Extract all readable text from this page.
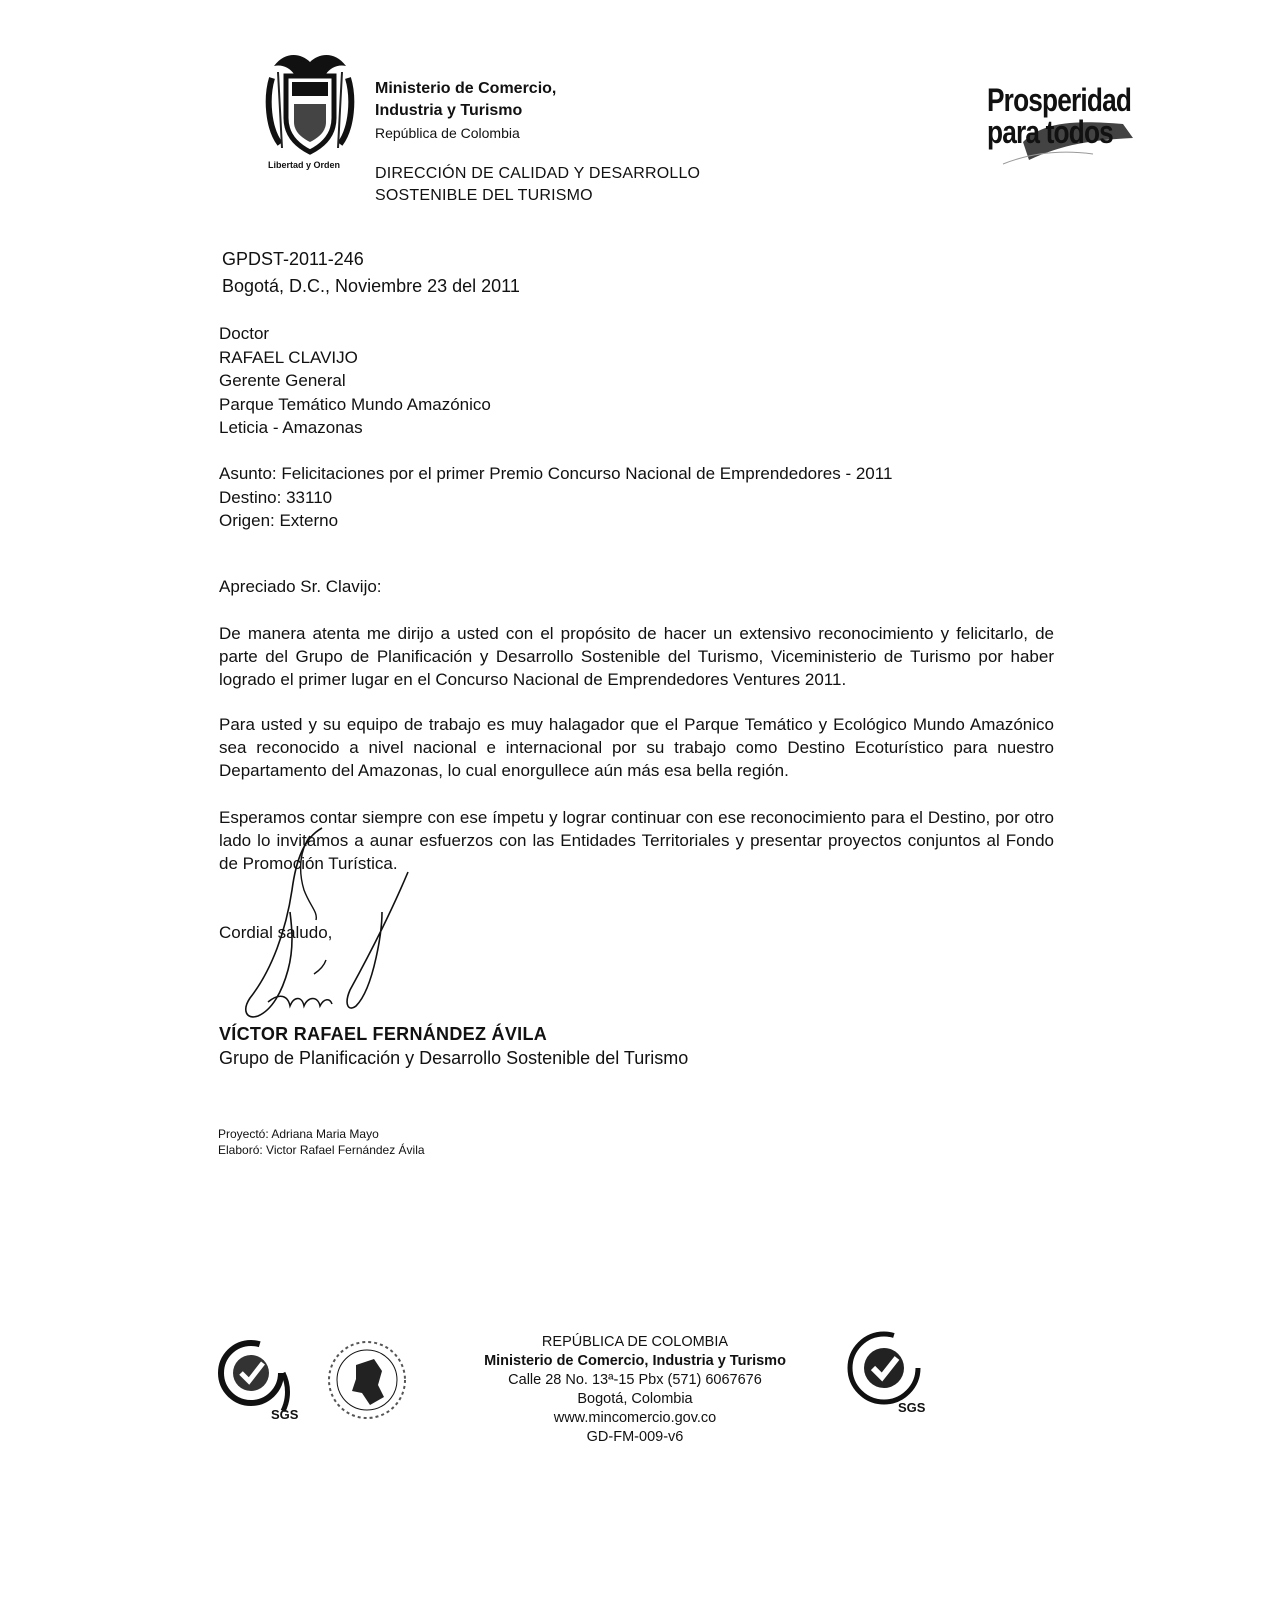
Libertad y Orden
Ministerio de Comercio,
Industria y Turismo
República de Colombia
DIRECCIÓN DE CALIDAD Y DESARROLLO
SOSTENIBLE DEL TURISMO
Prosperidad
para todos
GPDST-2011-246
Bogotá, D.C., Noviembre 23 del 2011
Doctor
RAFAEL CLAVIJO
Gerente General
Parque Temático Mundo Amazónico
Leticia - Amazonas
Asunto: Felicitaciones por el primer Premio Concurso Nacional de Emprendedores - 2011
Destino: 33110
Origen: Externo
Apreciado Sr. Clavijo:
De manera atenta me dirijo a usted con el propósito de hacer un extensivo reconocimiento y felicitarlo, de parte del Grupo de Planificación y Desarrollo Sostenible del Turismo, Viceministerio de Turismo por haber logrado el primer lugar en el Concurso Nacional de Emprendedores Ventures 2011.
Para usted y su equipo de trabajo es muy halagador que el Parque Temático y Ecológico Mundo Amazónico sea reconocido a nivel nacional e internacional por su trabajo como Destino Ecoturístico para nuestro Departamento del Amazonas, lo cual enorgullece aún más esa bella región.
Esperamos contar siempre con ese ímpetu y lograr continuar con ese reconocimiento para el Destino, por otro lado lo invitamos a aunar esfuerzos con las Entidades Territoriales y presentar proyectos conjuntos al Fondo de Promoción Turística.
Cordial saludo,
VÍCTOR RAFAEL FERNÁNDEZ ÁVILA
Grupo de Planificación y Desarrollo Sostenible del Turismo
Proyectó: Adriana Maria Mayo
Elaboró: Victor Rafael Fernández Ávila
SGS	SGS
REPÚBLICA DE COLOMBIA
Ministerio de Comercio, Industria y Turismo
Calle 28 No. 13ª-15 Pbx (571) 6067676
Bogotá, Colombia
www.mincomercio.gov.co
GD-FM-009-v6
